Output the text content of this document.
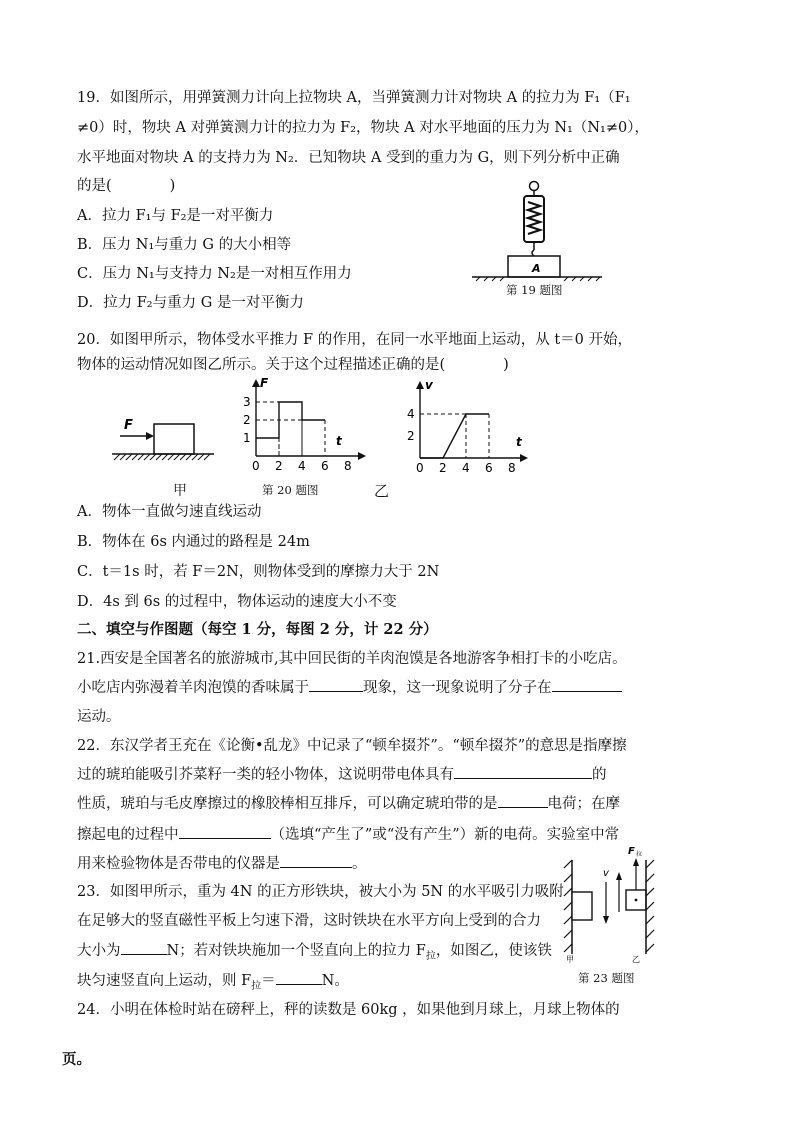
19．如图所示，用弹簧测力计向上拉物块 A，当弹簧测力计对物块 A 的拉力为 F₁（F₁
≠0）时，物块 A 对弹簧测力计的拉力为 F₂，物块 A 对水平地面的压力为 N₁（N₁≠0），
水平地面对物块 A 的支持力为 N₂．已知物块 A 受到的重力为 G，则下列分析中正确
的是(　　　　)
A．拉力 F₁与 F₂是一对平衡力
B．压力 N₁与重力 G 的大小相等
C．压力 N₁与支持力 N₂是一对相互作用力
D．拉力 F₂与重力 G 是一对平衡力
A
第 19 题图
20．如图甲所示，物体受水平推力 F 的作用，在同一水平地面上运动，从 t＝0 开始，
物体的运动情况如图乙所示。关于这个过程描述正确的是(　　　　)
F
甲
F
t
0 2 4 6 8
1
2
3
v
t
0 2 4 6 8
2
4
第 20 题图	乙
A．物体一直做匀速直线运动
B．物体在 6s 内通过的路程是 24m
C．t＝1s 时，若 F＝2N，则物体受到的摩擦力大于 2N
D．4s 到 6s 的过程中，物体运动的速度大小不变
二、填空与作图题（每空 1 分，每图 2 分，计 22 分）
21.西安是全国著名的旅游城市,其中回民街的羊肉泡馍是各地游客争相打卡的小吃店。
小吃店内弥漫着羊肉泡馍的香味属于	现象，这一现象说明了分子在
运动。
22．东汉学者王充在《论衡•乱龙》中记录了“顿牟掇芥”。“顿牟掇芥”的意思是指摩擦
过的琥珀能吸引芥菜籽一类的轻小物体，这说明带电体具有	的
性质，琥珀与毛皮摩擦过的橡胶棒相互排斥，可以确定琥珀带的是	电荷；在摩
擦起电的过程中	（选填“产生了”或“没有产生”）新的电荷。实验室中常
用来检验物体是否带电的仪器是	。
23．如图甲所示，重为 4N 的正方形铁块，被大小为 5N 的水平吸引力吸附
在足够大的竖直磁性平板上匀速下滑，这时铁块在水平方向上受到的合力
大小为	N；若对铁块施加一个竖直向上的拉力 $F_拉$，如图乙，使该铁
块匀速竖直向上运动，则 $F_拉=$	N。
v
F 拉
甲	乙
第 23 题图
24．小明在体检时站在磅秤上，秤的读数是 60kg ，如果他到月球上，月球上物体的
页。
